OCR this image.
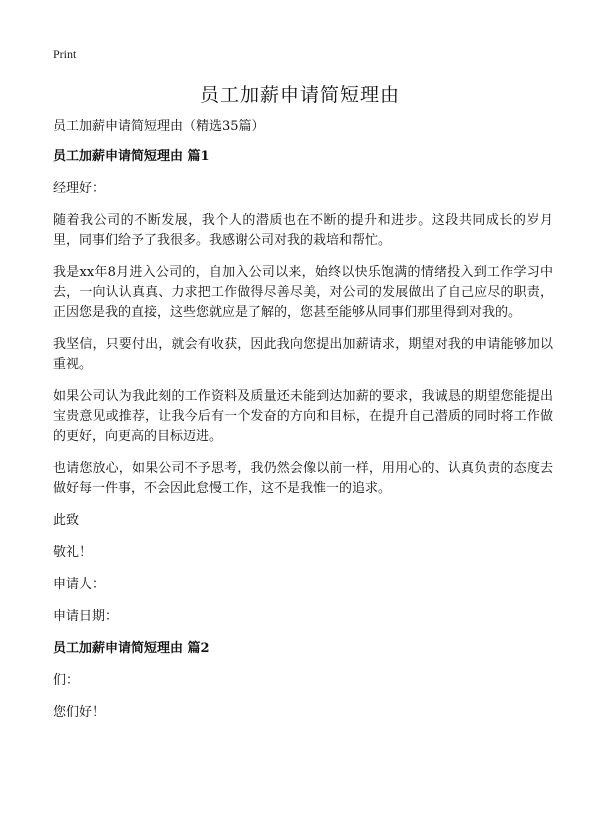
Print
员工加薪申请简短理由

员工加薪申请简短理由（精选35篇）

员工加薪申请简短理由 篇1

经理好：

随着我公司的不断发展，我个人的潜质也在不断的提升和进步。这段共同成长的岁月里，同事们给予了我很多。我感谢公司对我的栽培和帮忙。

我是xx年8月进入公司的，自加入公司以来，始终以快乐饱满的情绪投入到工作学习中去，一向认认真真、力求把工作做得尽善尽美，对公司的发展做出了自己应尽的职责，正因您是我的直接，这些您就应是了解的，您甚至能够从同事们那里得到对我的。

我坚信，只要付出，就会有收获，因此我向您提出加薪请求，期望对我的申请能够加以重视。

如果公司认为我此刻的工作资料及质量还未能到达加薪的要求，我诚恳的期望您能提出宝贵意见或推荐，让我今后有一个发奋的方向和目标，在提升自己潜质的同时将工作做的更好，向更高的目标迈进。

也请您放心，如果公司不予思考，我仍然会像以前一样，用用心的、认真负责的态度去做好每一件事，不会因此怠慢工作，这不是我惟一的追求。

此致

敬礼！

申请人：

申请日期：

员工加薪申请简短理由 篇2

们：

您们好！
